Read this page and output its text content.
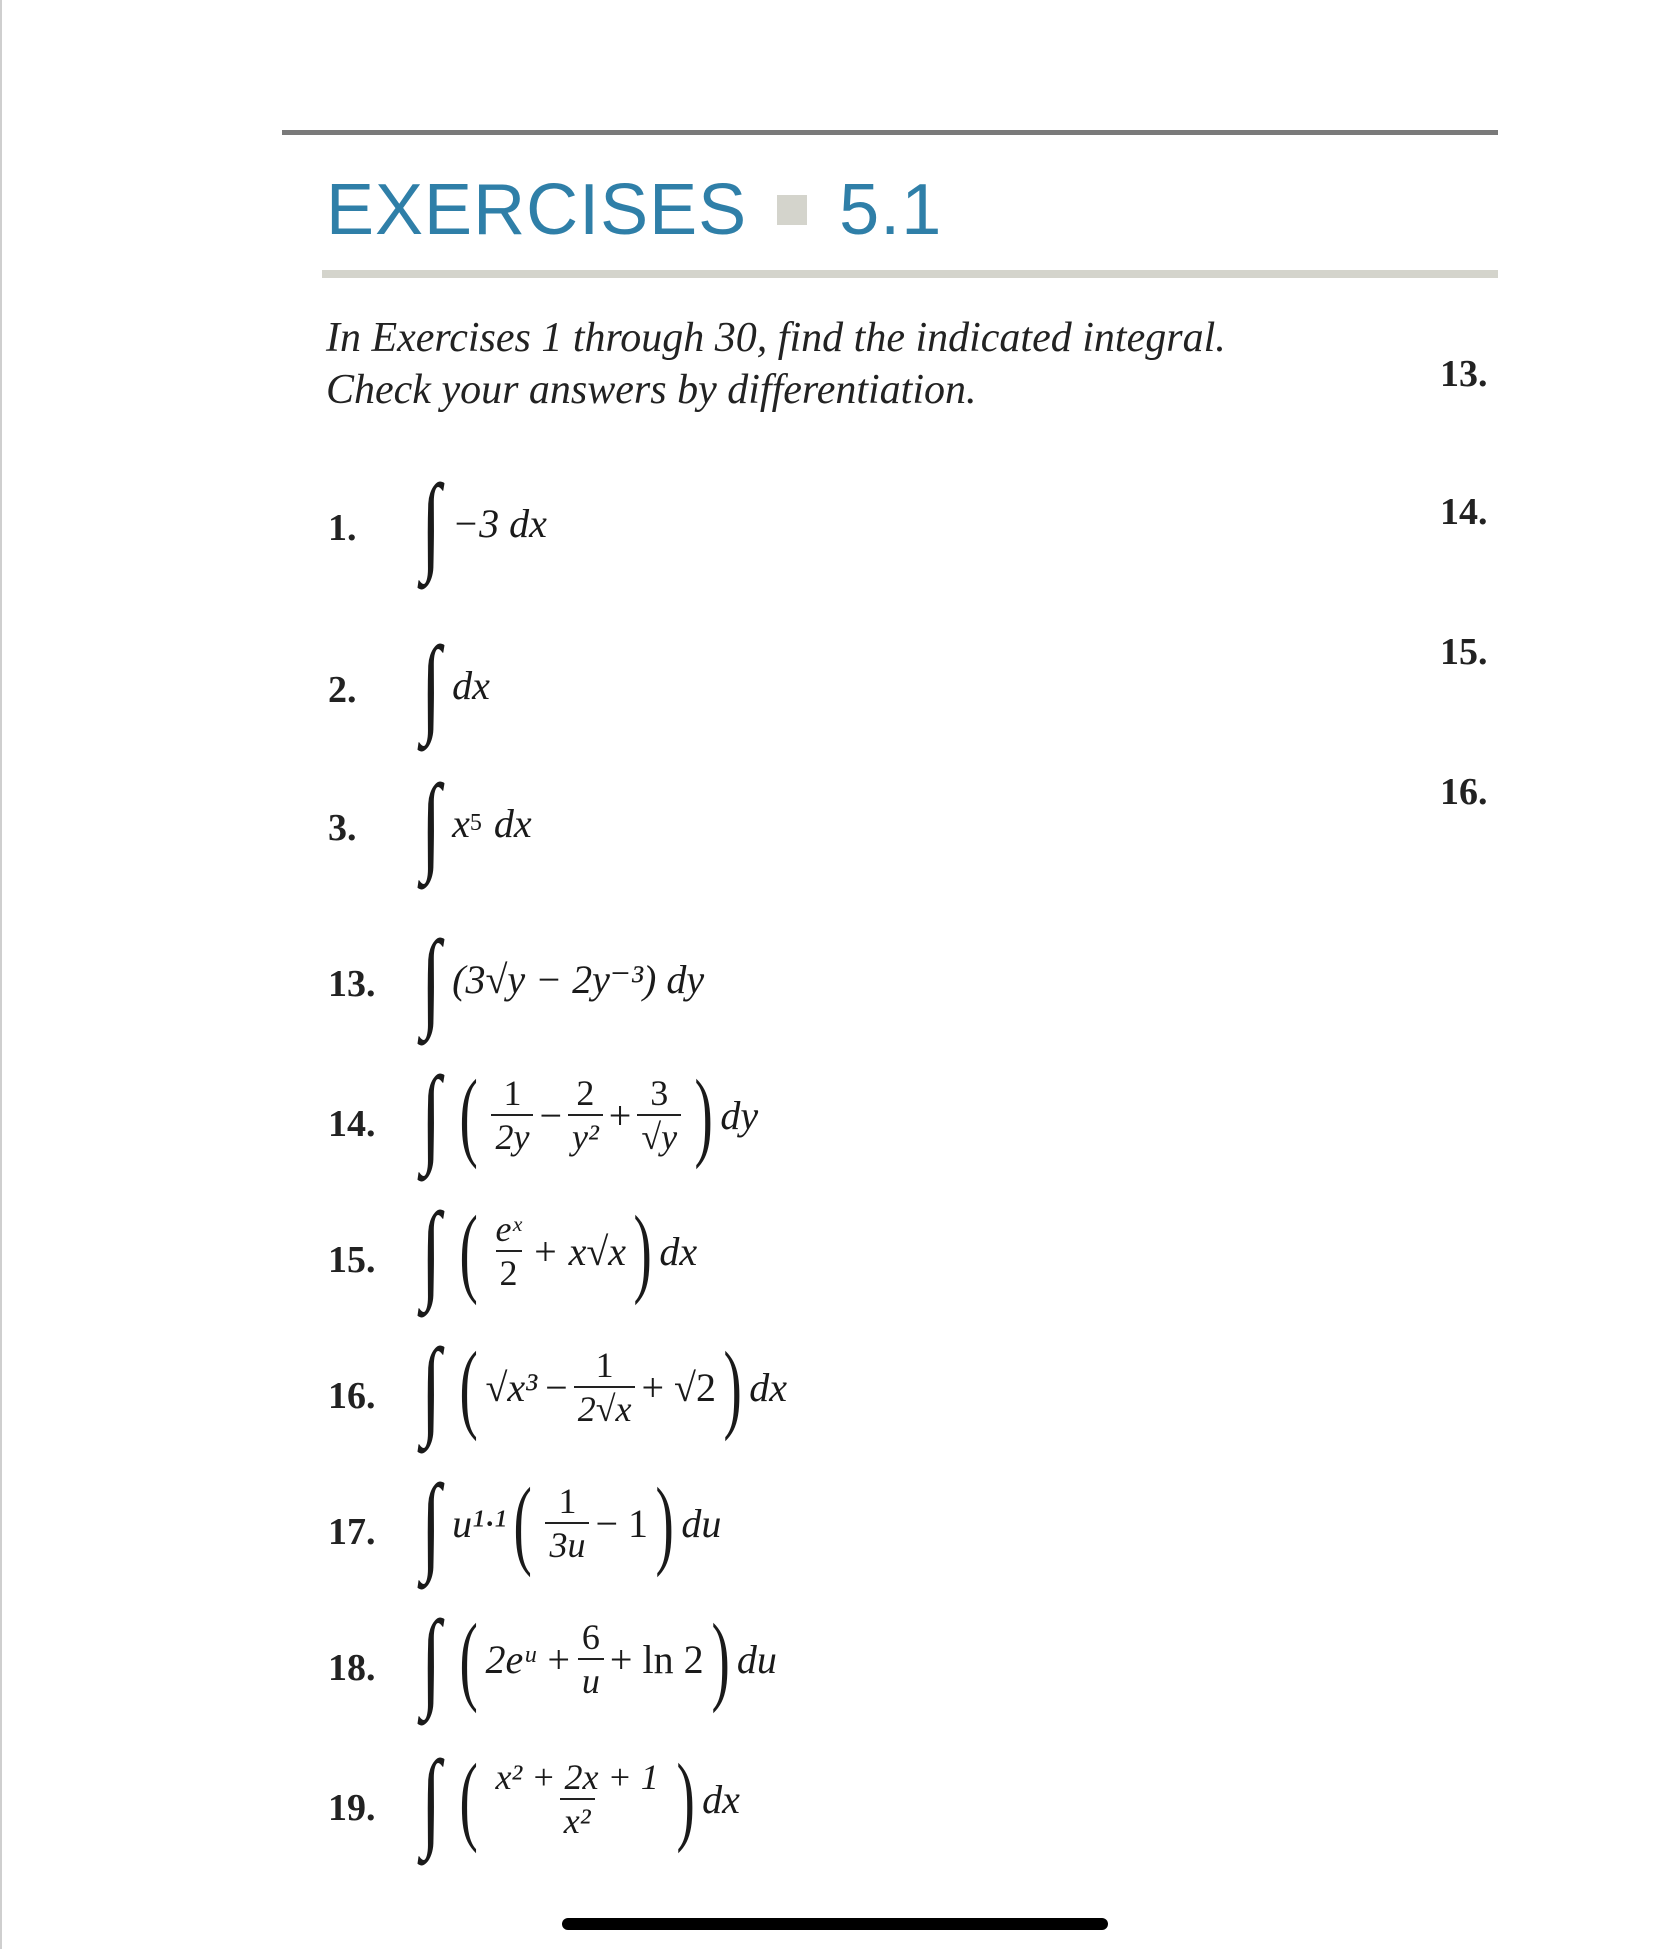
EXERCISES 5.1
In Exercises 1 through 30, find the indicated integral.
Check your answers by differentiation.	13.
14.
15.
16.
1. ∫ −3 dx
2. ∫ dx
3. ∫ x 5 dx
13. ∫ (3√y − 2y⁻³) dy
14. ∫ ( $\frac{1}{2y} - \frac{2}{\text{y²}} + \frac{3}{√y}$ ) dy
15. ∫ ( $\frac{\text{eˣ}}{2} + x√x$ ) dx
16. ∫ ( $√x^3 - \frac{1}{2√x} + √2$ ) dx
17. ∫ u¹·¹ ( $\frac{1}{3u} - 1$ ) du
18. ∫ ( 2eᵘ + $\frac{6}{u} + \ln 2$ ) du
19. ∫ ( $\frac{\text{x² + 2x + 1}}{\text{x²}}$ ) dx
